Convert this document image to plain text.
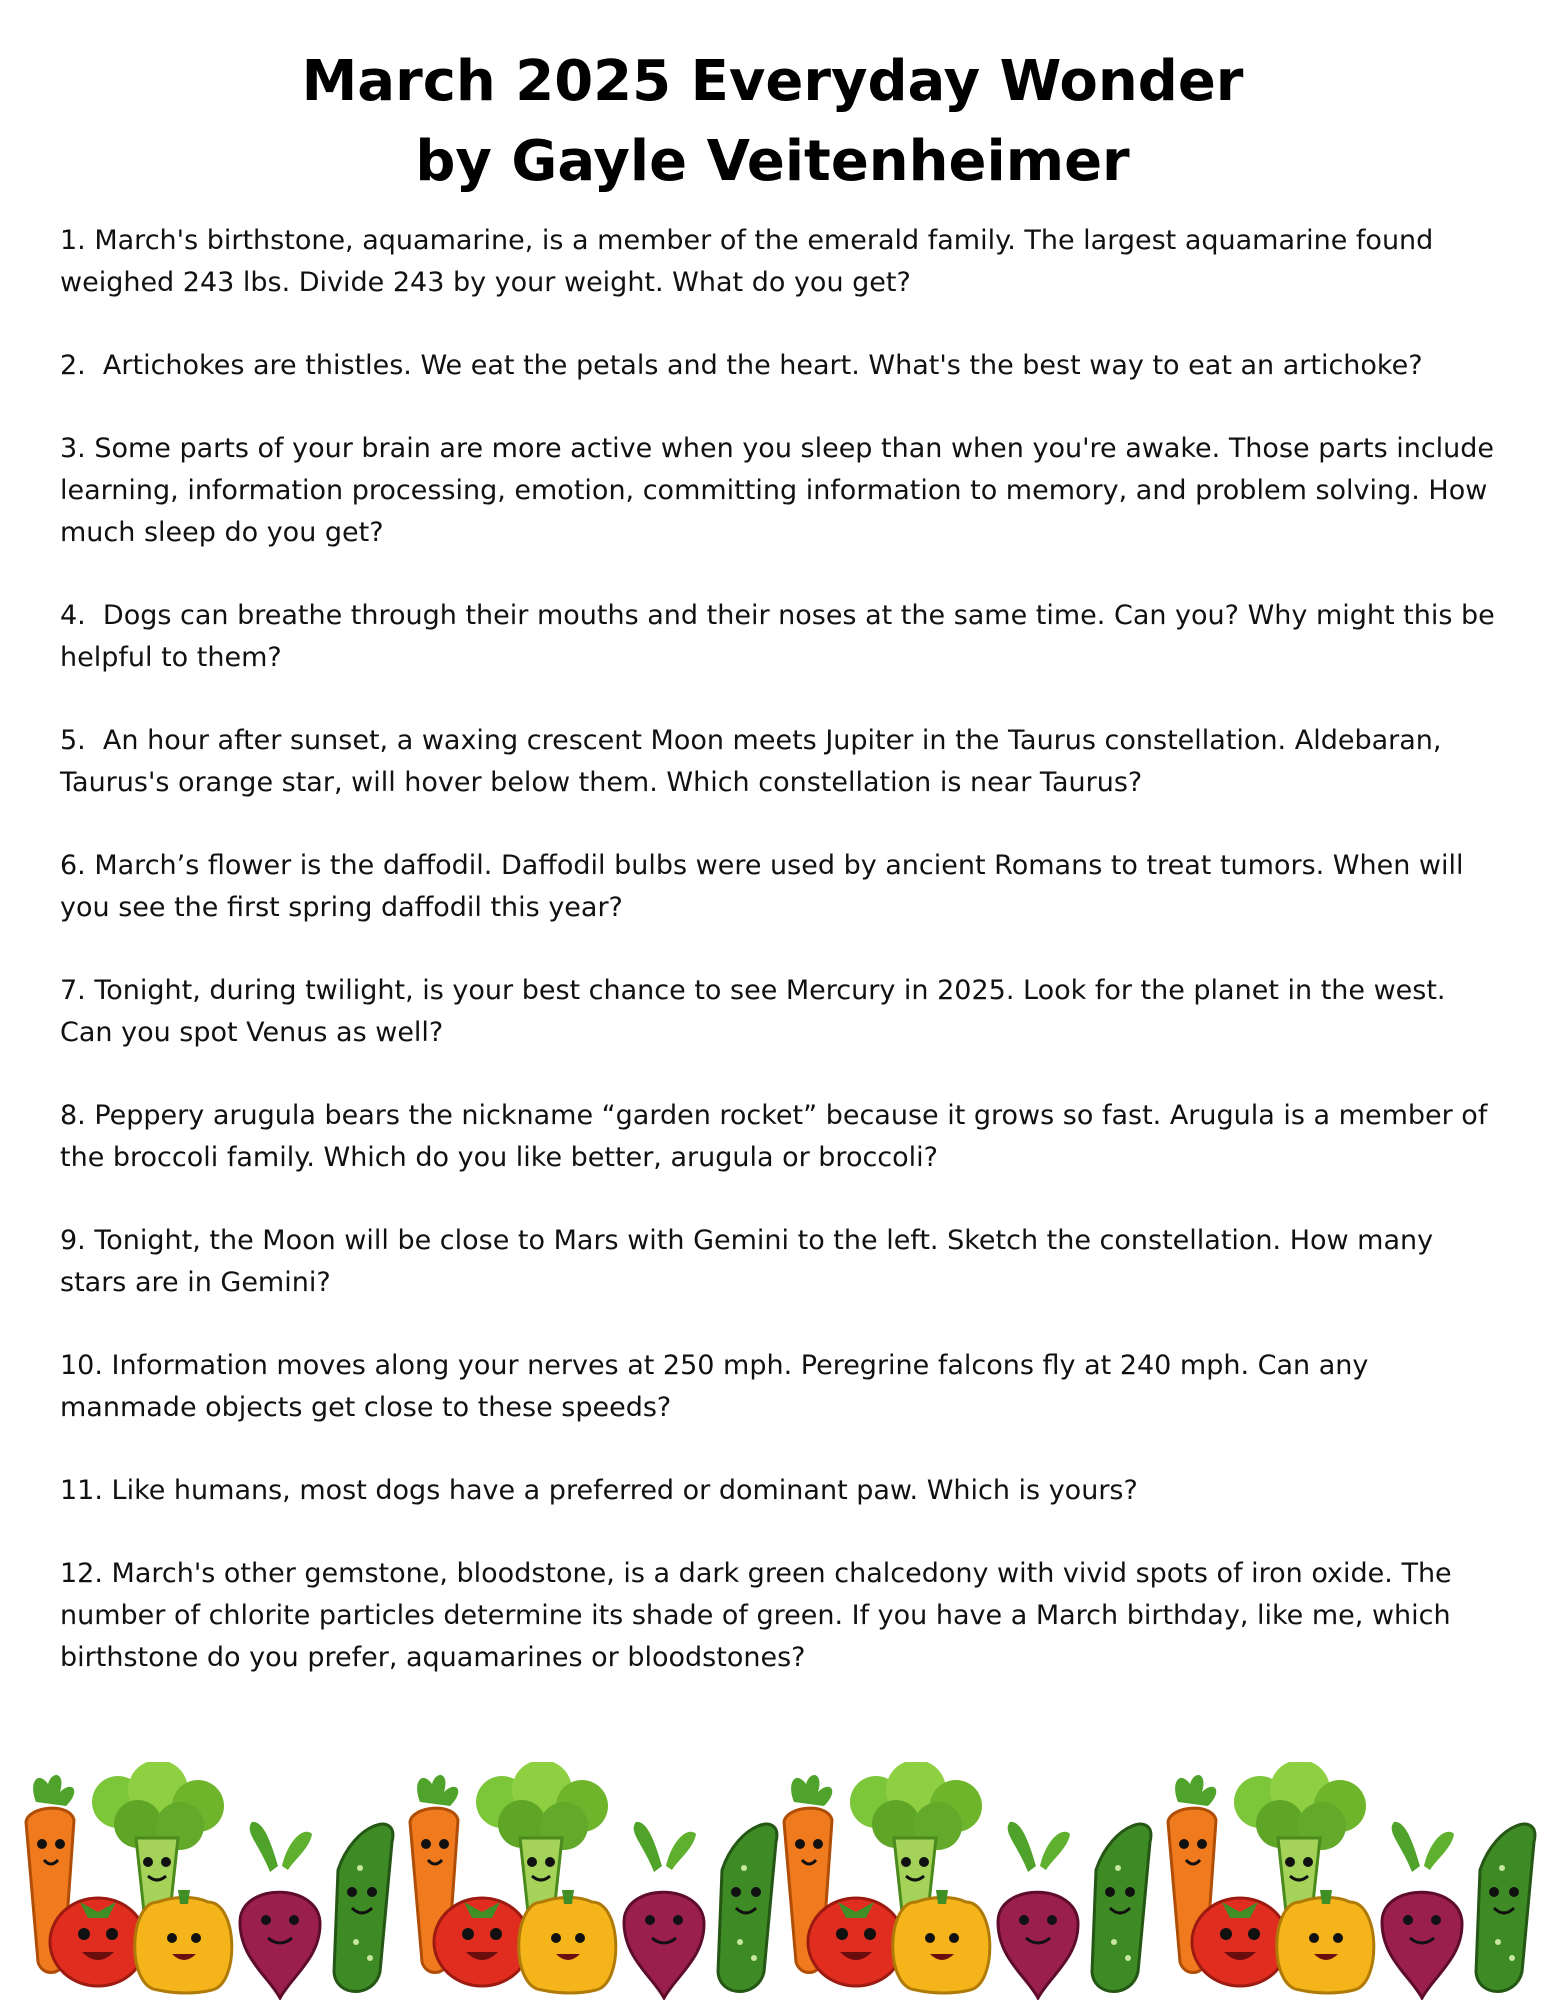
March 2025 Everyday Wonder
by Gayle Veitenheimer

1. March's birthstone, aquamarine, is a member of the emerald family. The largest aquamarine found weighed 243 lbs. Divide 243 by your weight. What do you get?

2.  Artichokes are thistles. We eat the petals and the heart. What's the best way to eat an artichoke?

3. Some parts of your brain are more active when you sleep than when you're awake. Those parts include learning, information processing, emotion, committing information to memory, and problem solving. How much sleep do you get?

4.  Dogs can breathe through their mouths and their noses at the same time. Can you? Why might this be helpful to them?

5.  An hour after sunset, a waxing crescent Moon meets Jupiter in the Taurus constellation. Aldebaran, Taurus's orange star, will hover below them. Which constellation is near Taurus?

6. March’s flower is the daffodil. Daffodil bulbs were used by ancient Romans to treat tumors. When will you see the first spring daffodil this year?

7. Tonight, during twilight, is your best chance to see Mercury in 2025. Look for the planet in the west. Can you spot Venus as well?

8. Peppery arugula bears the nickname “garden rocket” because it grows so fast. Arugula is a member of the broccoli family. Which do you like better, arugula or broccoli?

9. Tonight, the Moon will be close to Mars with Gemini to the left. Sketch the constellation. How many stars are in Gemini?

10. Information moves along your nerves at 250 mph. Peregrine falcons fly at 240 mph. Can any manmade objects get close to these speeds?

11. Like humans, most dogs have a preferred or dominant paw. Which is yours?

12. March's other gemstone, bloodstone, is a dark green chalcedony with vivid spots of iron oxide. The number of chlorite particles determine its shade of green. If you have a March birthday, like me, which birthstone do you prefer, aquamarines or bloodstones?
